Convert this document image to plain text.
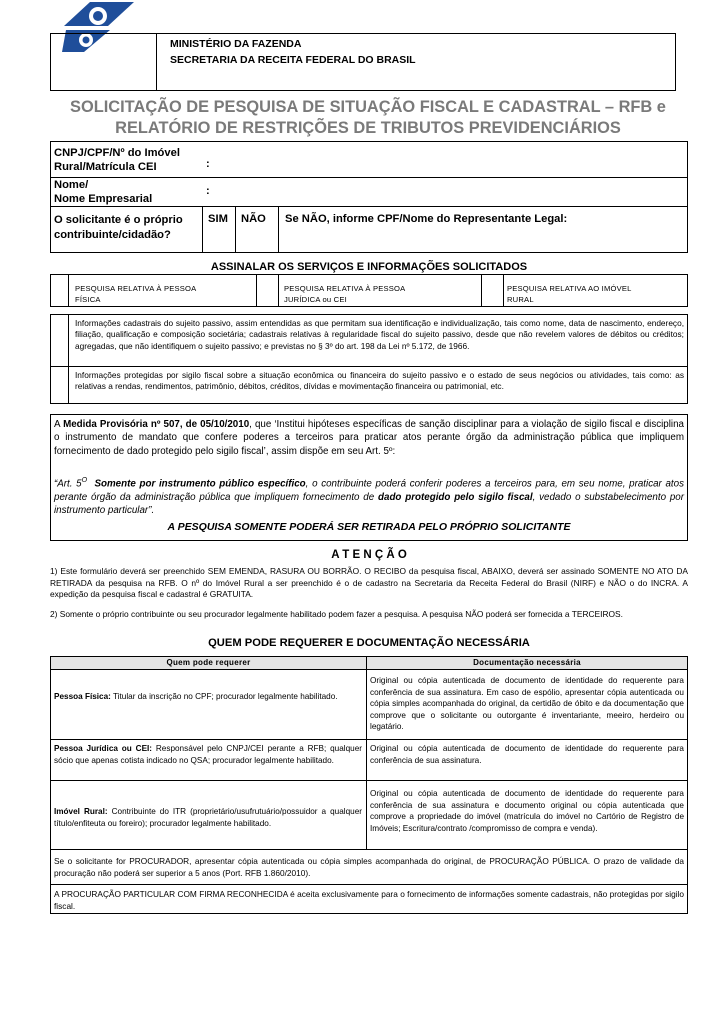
MINISTÉRIO DA FAZENDA
SECRETARIA DA RECEITA FEDERAL DO BRASIL
SOLICITAÇÃO DE PESQUISA DE SITUAÇÃO FISCAL E CADASTRAL – RFB e
RELATÓRIO DE RESTRIÇÕES DE TRIBUTOS PREVIDENCIÁRIOS
CNPJ/CPF/Nº do Imóvel
Rural/Matrícula CEI	:
Nome/
Nome Empresarial
:
O solicitante é o próprio
contribuinte/cidadão?
SIM NÃO Se NÃO, informe CPF/Nome do Representante Legal:
ASSINALAR OS SERVIÇOS E INFORMAÇÕES SOLICITADOS
PESQUISA RELATIVA À PESSOA
FÍSICA
PESQUISA RELATIVA À PESSOA
JURÍDICA ou CEI
PESQUISA RELATIVA AO IMÓVEL
RURAL
Informações cadastrais do sujeito passivo, assim entendidas as que permitam sua identificação e individualização, tais como nome, data de nascimento, endereço, filiação, qualificação e composição societária; cadastrais relativas à regularidade fiscal do sujeito passivo, desde que não revelem valores de débitos ou créditos; agregadas, que não identifiquem o sujeito passivo; e previstas no § 3º do art. 198 da Lei nº 5.172, de 1966.
Informações protegidas por sigilo fiscal sobre a situação econômica ou financeira do sujeito passivo e o estado de seus negócios ou atividades, tais como: as relativas a rendas, rendimentos, patrimônio, débitos, créditos, dívidas e movimentação financeira ou patrimonial, etc.
A Medida Provisória nº 507, de 05/10/2010, que ‘Institui hipóteses específicas de sanção disciplinar para a violação de sigilo fiscal e disciplina o instrumento de mandato que confere poderes a terceiros para praticar atos perante órgão da administração pública que impliquem fornecimento de dado protegido pelo sigilo fiscal’, assim dispõe em seu Art. 5º:
“Art. $5^O$ Somente por instrumento público específico, o contribuinte poderá conferir poderes a terceiros para, em seu nome, praticar atos perante órgão da administração pública que impliquem fornecimento de dado protegido pelo sigilo fiscal, vedado o substabelecimento por instrumento particular”.
A PESQUISA SOMENTE PODERÁ SER RETIRADA PELO PRÓPRIO SOLICITANTE
A T E N Ç Ã O
1) Este formulário deverá ser preenchido SEM EMENDA, RASURA OU BORRÃO. O RECIBO da pesquisa fiscal, ABAIXO, deverá ser assinado SOMENTE NO ATO DA RETIRADA da pesquisa na RFB. O nº do Imóvel Rural a ser preenchido é o de cadastro na Secretaria da Receita Federal do Brasil (NIRF) e NÃO o do INCRA. A expedição da pesquisa fiscal e cadastral é GRATUITA.
2) Somente o próprio contribuinte ou seu procurador legalmente habilitado podem fazer a pesquisa. A pesquisa NÃO poderá ser fornecida a TERCEIROS.
QUEM PODE REQUERER E DOCUMENTAÇÃO NECESSÁRIA
Quem pode requerer	Documentação necessária
Pessoa Física: Titular da inscrição no CPF; procurador legalmente habilitado.
Original ou cópia autenticada de documento de identidade do requerente para conferência de sua assinatura. Em caso de espólio, apresentar cópia autenticada ou cópia simples acompanhada do original, da certidão de óbito e da documentação que comprove que o solicitante ou outorgante é inventariante, meeiro, herdeiro ou legatário.
Pessoa Jurídica ou CEI: Responsável pelo CNPJ/CEI perante a RFB; qualquer sócio que apenas cotista indicado no QSA; procurador legalmente habilitado.
Original ou cópia autenticada de documento de identidade do requerente para conferência de sua assinatura.
Imóvel Rural: Contribuinte do ITR (proprietário/usufrutuário/possuidor a qualquer título/enfiteuta ou foreiro); procurador legalmente habilitado.
Original ou cópia autenticada de documento de identidade do requerente para conferência de sua assinatura e documento original ou cópia autenticada que comprove a propriedade do imóvel (matrícula do imóvel no Cartório de Registro de Imóveis; Escritura/contrato /compromisso de compra e venda).
Se o solicitante for PROCURADOR, apresentar cópia autenticada ou cópia simples acompanhada do original, de PROCURAÇÃO PÚBLICA. O prazo de validade da procuração não poderá ser superior a 5 anos (Port. RFB 1.860/2010).
A PROCURAÇÃO PARTICULAR COM FIRMA RECONHECIDA é aceita exclusivamente para o fornecimento de informações somente cadastrais, não protegidas por sigilo fiscal.
